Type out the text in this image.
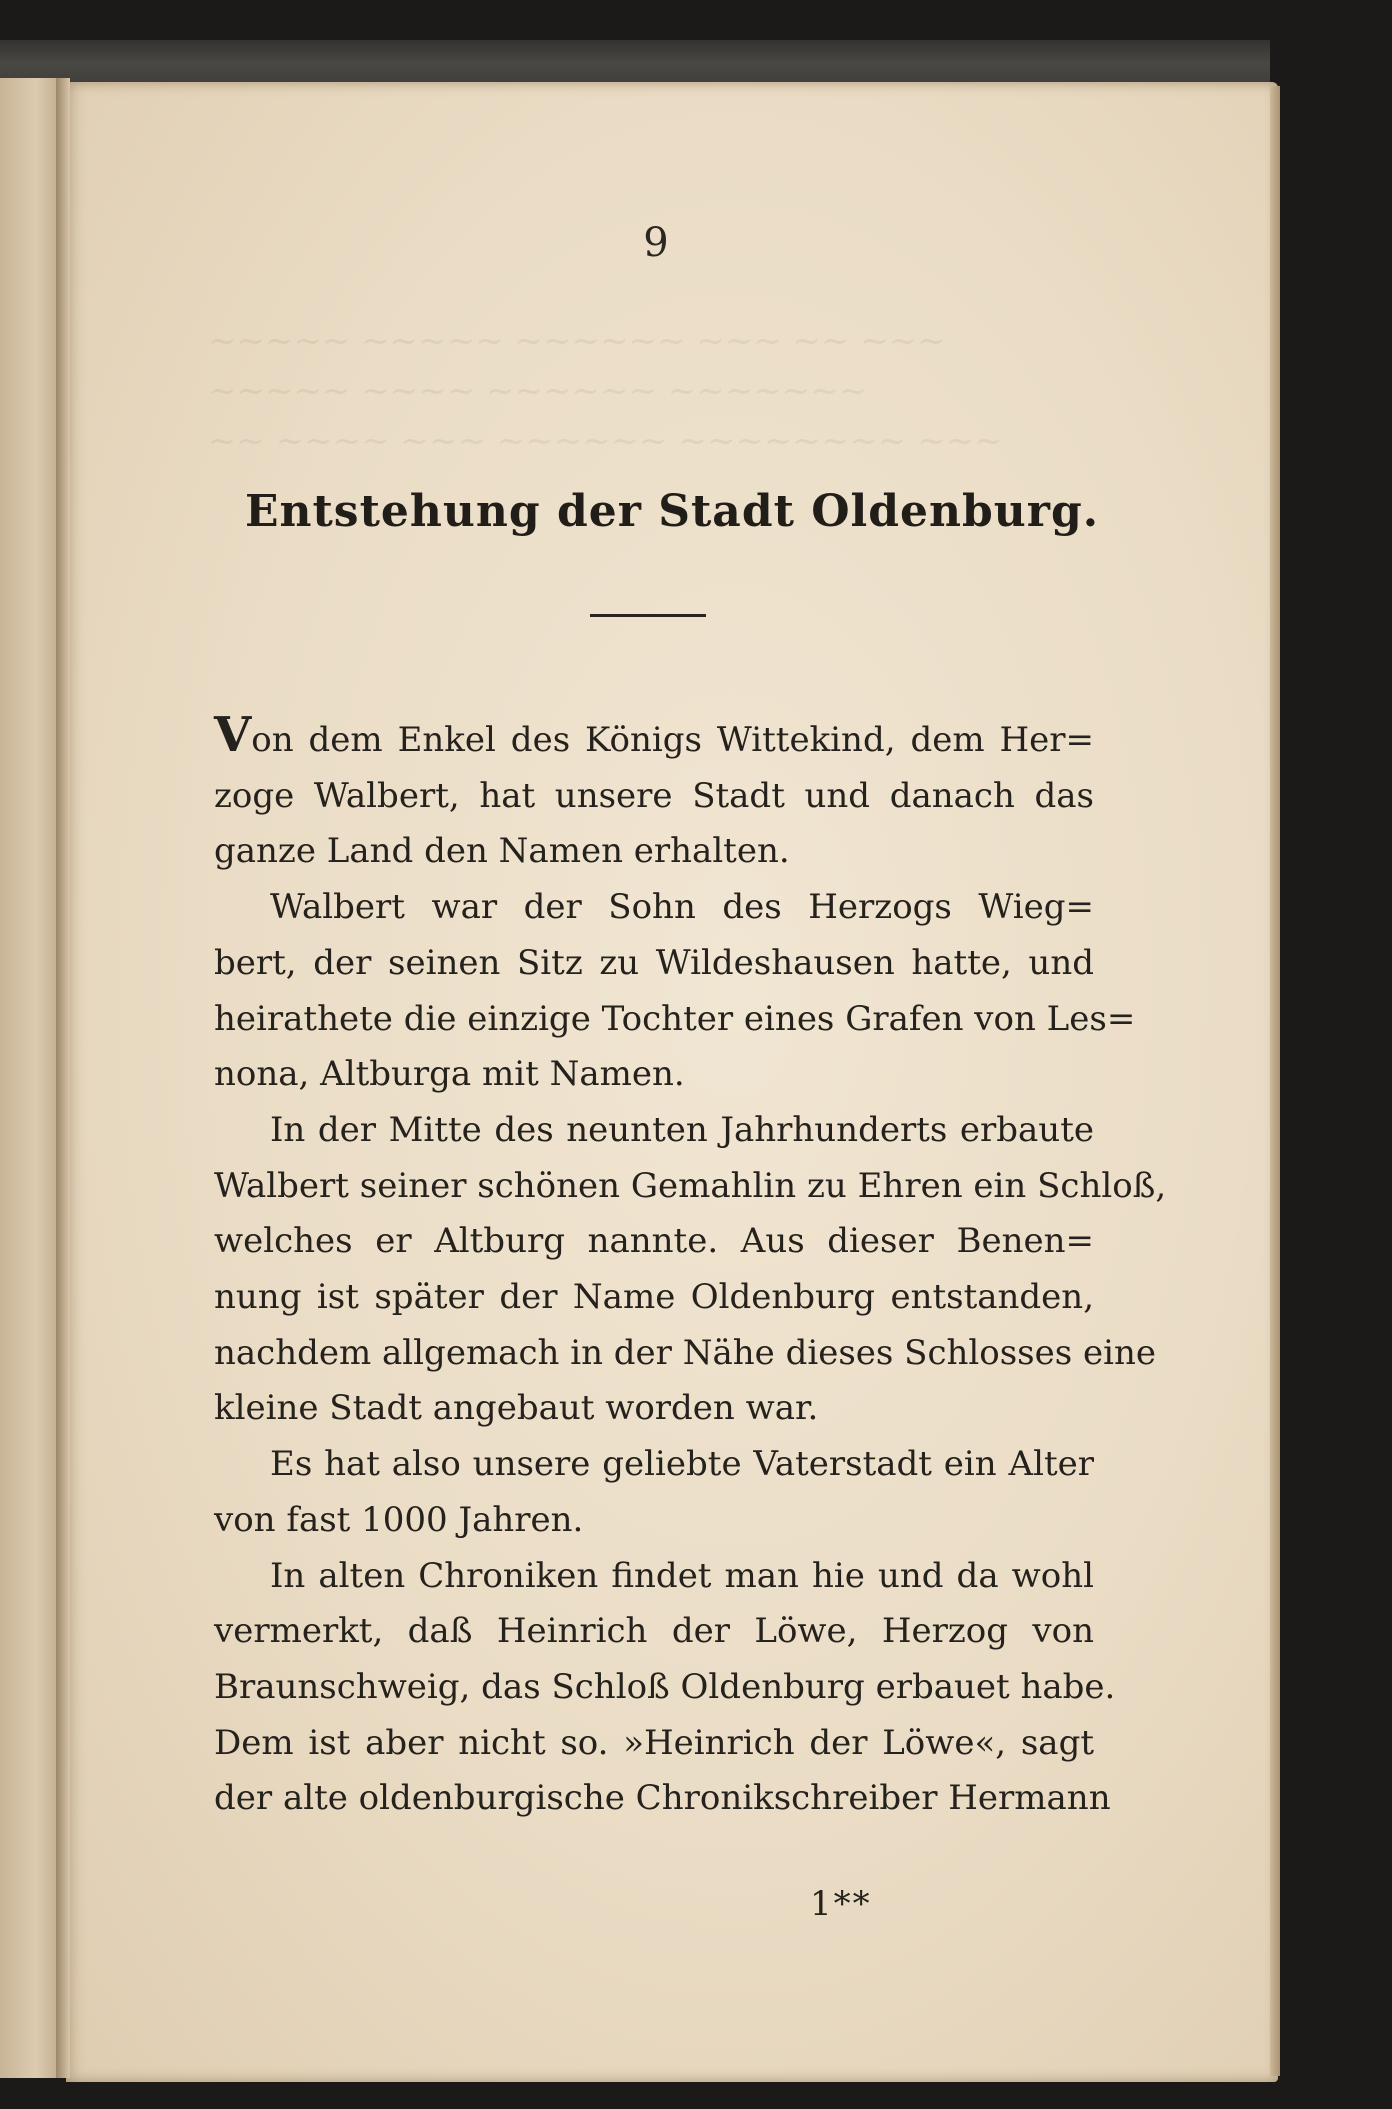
9
Entstehung der Stadt Oldenburg.
Von dem Enkel des Königs Wittekind, dem Her=
zoge Walbert, hat unsere Stadt und danach das
ganze Land den Namen erhalten.
Walbert war der Sohn des Herzogs Wieg=
bert, der seinen Sitz zu Wildeshausen hatte, und
heirathete die einzige Tochter eines Grafen von Les=
nona, Altburga mit Namen.
In der Mitte des neunten Jahrhunderts erbaute
Walbert seiner schönen Gemahlin zu Ehren ein Schloß,
welches er Altburg nannte. Aus dieser Benen=
nung ist später der Name Oldenburg entstanden,
nachdem allgemach in der Nähe dieses Schlosses eine
kleine Stadt angebaut worden war.
Es hat also unsere geliebte Vaterstadt ein Alter
von fast 1000 Jahren.
In alten Chroniken findet man hie und da wohl
vermerkt, daß Heinrich der Löwe, Herzog von
Braunschweig, das Schloß Oldenburg erbauet habe.
Dem ist aber nicht so. »Heinrich der Löwe«, sagt
der alte oldenburgische Chronikschreiber Hermann
1**
